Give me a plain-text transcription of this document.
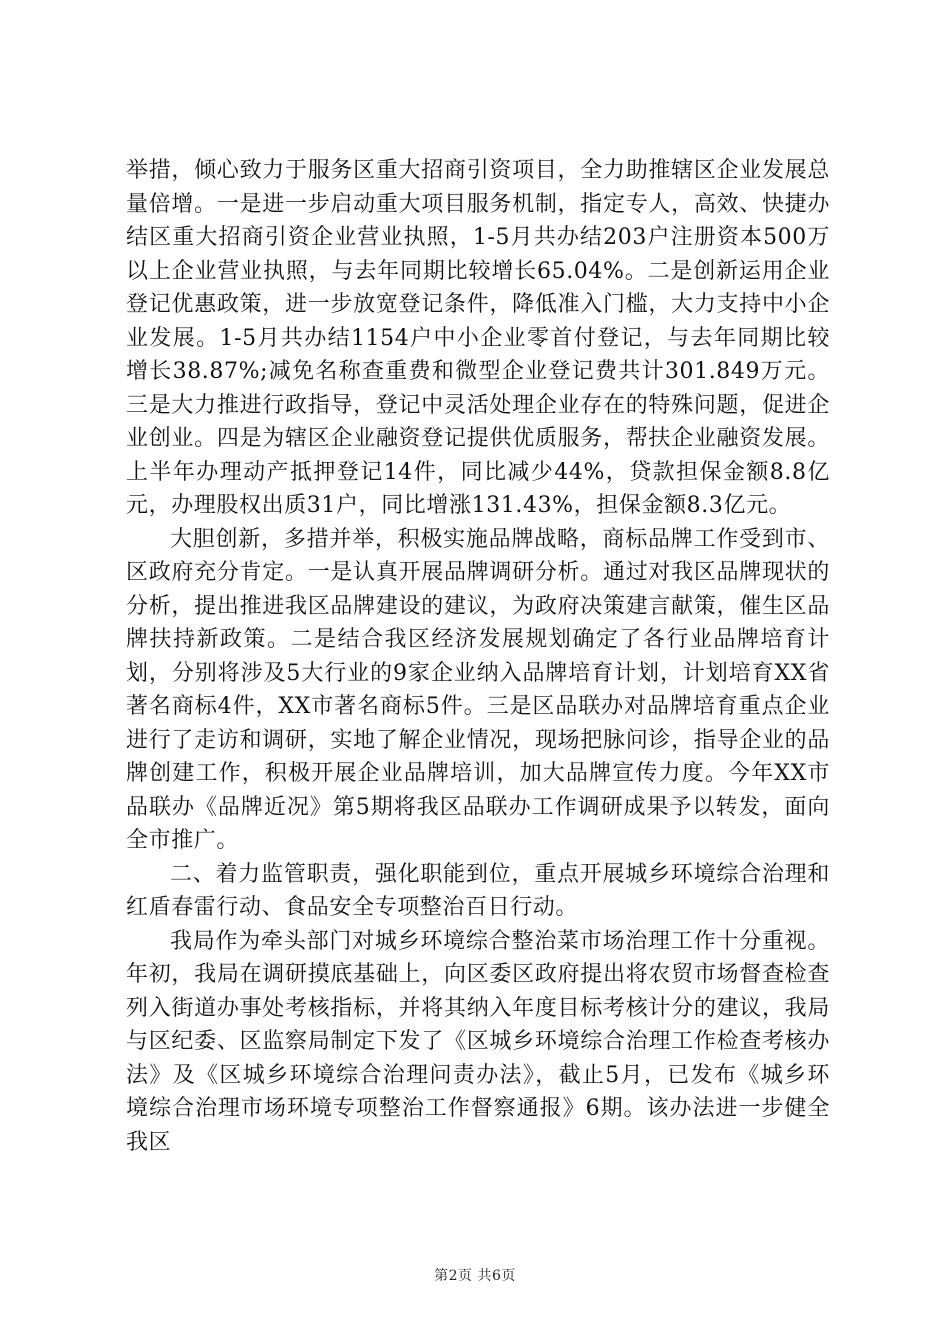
举措，倾心致力于服务区重大招商引资项目，全力助推辖区企业发展总量倍增。一是进一步启动重大项目服务机制，指定专人，高效、快捷办结区重大招商引资企业营业执照，1-5月共办结203户注册资本500万以上企业营业执照，与去年同期比较增长65.04%。二是创新运用企业登记优惠政策，进一步放宽登记条件，降低准入门槛，大力支持中小企业发展。1-5月共办结1154户中小企业零首付登记，与去年同期比较增长38.87%;减免名称查重费和微型企业登记费共计301.849万元。三是大力推进行政指导，登记中灵活处理企业存在的特殊问题，促进企业创业。四是为辖区企业融资登记提供优质服务，帮扶企业融资发展。上半年办理动产抵押登记14件，同比减少44%，贷款担保金额8.8亿元，办理股权出质31户，同比增涨131.43%，担保金额8.3亿元。

大胆创新，多措并举，积极实施品牌战略，商标品牌工作受到市、区政府充分肯定。一是认真开展品牌调研分析。通过对我区品牌现状的分析，提出推进我区品牌建设的建议，为政府决策建言献策，催生区品牌扶持新政策。二是结合我区经济发展规划确定了各行业品牌培育计划，分别将涉及5大行业的9家企业纳入品牌培育计划，计划培育XX省著名商标4件，XX市著名商标5件。三是区品联办对品牌培育重点企业进行了走访和调研，实地了解企业情况，现场把脉问诊，指导企业的品牌创建工作，积极开展企业品牌培训，加大品牌宣传力度。今年XX市品联办《品牌近况》第5期将我区品联办工作调研成果予以转发，面向全市推广。

二、着力监管职责，强化职能到位，重点开展城乡环境综合治理和红盾春雷行动、食品安全专项整治百日行动。

我局作为牵头部门对城乡环境综合整治菜市场治理工作十分重视。年初，我局在调研摸底基础上，向区委区政府提出将农贸市场督查检查列入街道办事处考核指标，并将其纳入年度目标考核计分的建议，我局与区纪委、区监察局制定下发了《区城乡环境综合治理工作检查考核办法》及《区城乡环境综合治理问责办法》，截止5月，已发布《城乡环境综合治理市场环境专项整治工作督察通报》6期。该办法进一步健全我区

第2页 共6页
